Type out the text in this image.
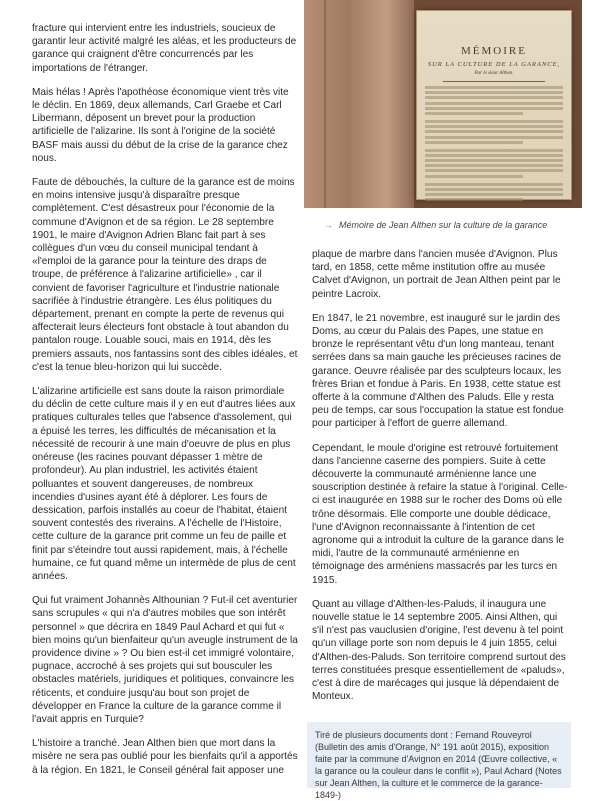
fracture qui intervient entre les industriels, soucieux de garantir leur activité malgré les aléas, et les producteurs de garance qui craignent d'être concurrencés par les importations de l'étranger.

Mais hélas ! Après l'apothéose économique vient très vite le déclin. En 1869, deux allemands, Carl Graebe et Carl Libermann, déposent un brevet pour la production artificielle de l'alizarine. Ils sont à l'origine de la société BASF mais aussi du début de la crise de la garance chez nous.

Faute de débouchés, la culture de la garance est de moins en moins intensive jusqu'à disparaître presque complètement. C'est désastreux pour l'économie de la commune d'Avignon et de sa région. Le 28 septembre 1901, le maire d'Avignon Adrien Blanc fait part à ses collègues d'un vœu du conseil municipal tendant à «l'emploi de la garance pour la teinture des draps de troupe, de préférence à l'alizarine artificielle» , car il convient de favoriser l'agriculture et l'industrie nationale sacrifiée à l'industrie étrangère. Les élus politiques du département, prenant en compte la perte de revenus qui affecterait leurs électeurs font obstacle à tout abandon du pantalon rouge. Louable souci, mais en 1914, dès les premiers assauts, nos fantassins sont des cibles idéales, et c'est la tenue bleu-horizon qui lui succède.

L'alizarine artificielle est sans doute la raison primordiale du déclin de cette culture mais il y en eut d'autres liées aux pratiques culturales telles que l'absence d'assolement, qui a épuisé les terres, les difficultés de mécanisation et la nécessité de recourir à une main d'oeuvre de plus en plus onéreuse (les racines pouvant dépasser 1 mètre de profondeur). Au plan industriel, les activités étaient polluantes et souvent dangereuses, de nombreux incendies d'usines ayant été à déplorer. Les fours de dessication, parfois installés au coeur de l'habitat, étaient souvent contestés des riverains. A l'échelle de l'Histoire, cette culture de la garance prit comme un feu de paille et finit par s'éteindre tout aussi rapidement, mais, à l'échelle humaine, ce fut quand même un intermède de plus de cent années.

Qui fut vraiment Johannès Althounian ? Fut-il cet aventurier sans scrupules « qui n'a d'autres mobiles que son intérêt personnel » que décrira en 1849 Paul Achard et qui fut « bien moins qu'un bienfaiteur qu'un aveugle instrument de la providence divine » ? Ou bien est-il cet immigré volontaire, pugnace, accroché à ses projets qui sut bousculer les obstacles matériels, juridiques et politiques, convaincre les réticents, et conduire jusqu'au bout son projet de développer en France la culture de la garance comme il l'avait appris en Turquie?

L'histoire a tranché. Jean Althen bien que mort dans la misère ne sera pas oublié pour les bienfaits qu'il a apportés à la région. En 1821, le Conseil général fait apposer une

MÉMOIRE
SUR LA CULTURE DE LA GARANCE,
Par le sieur Althen.
→ Mémoire de Jean Althen sur la culture de la garance

plaque de marbre dans l'ancien musée d'Avignon. Plus tard, en 1858, cette même institution offre au musée Calvet d'Avignon, un portrait de Jean Althen peint par le peintre Lacroix.

En 1847, le 21 novembre, est inauguré sur le jardin des Doms, au cœur du Palais des Papes, une statue en bronze le représentant vêtu d'un long manteau, tenant serrées dans sa main gauche les précieuses racines de garance. Oeuvre réalisée par des sculpteurs locaux, les frères Brian et fondue à Paris. En 1938, cette statue est offerte à la commune d'Althen des Paluds. Elle y resta peu de temps, car sous l'occupation la statue est fondue pour participer à l'effort de guerre allemand.

Cependant, le moule d'origine est retrouvé fortuitement dans l'ancienne caserne des pompiers. Suite à cette découverte la communauté arménienne lance une souscription destinée à refaire la statue à l'original. Celle-ci est inaugurée en 1988 sur le rocher des Doms où elle trône désormais. Elle comporte une double dédicace, l'une d'Avignon reconnaissante à l'intention de cet agronome qui a introduit la culture de la garance dans le midi, l'autre de la communauté arménienne en témoignage des arméniens massacrés par les turcs en 1915.

Quant au village d'Althen-les-Paluds, il inaugura une nouvelle statue le 14 septembre 2005. Ainsi Althen, qui s'il n'est pas vauclusien d'origine, l'est devenu à tel point qu'un village porte son nom depuis le 4 juin 1855, celui d'Althen-des-Paluds. Son territoire comprend surtout des terres constituées presque essentiellement de «paluds», c'est à dire de marécages qui jusque là dépendaient de Monteux.

Tiré de plusieurs documents dont : Fernand Rouveyrol (Bulletin des amis d'Orange, N° 191 août 2015), exposition faite par la commune d'Avignon en 2014 (Œuvre collective, « la garance ou la couleur dans le conflit »), Paul Achard (Notes sur Jean Althen, la culture et le commerce de la garance- 1849-)
